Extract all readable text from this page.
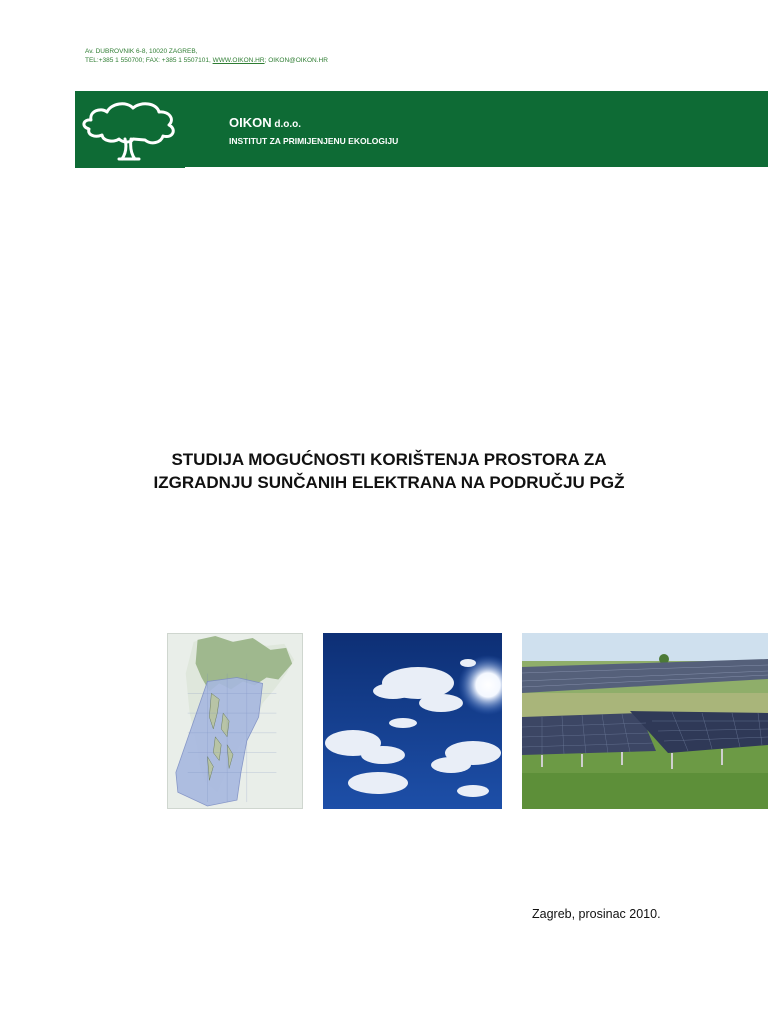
Av. DUBROVNIK 6-8, 10020 ZAGREB,
TEL:+385 1 550700; FAX: +385 1 5507101, WWW.OIKON.HR; OIKON@OIKON.HR
OIKON d.o.o.
INSTITUT ZA PRIMIJENJENU EKOLOGIJU
STUDIJA MOGUĆNOSTI KORIŠTENJA PROSTORA ZA
IZGRADNJU SUNČANIH ELEKTRANA NA PODRUČJU PGŽ
Zagreb, prosinac 2010.
